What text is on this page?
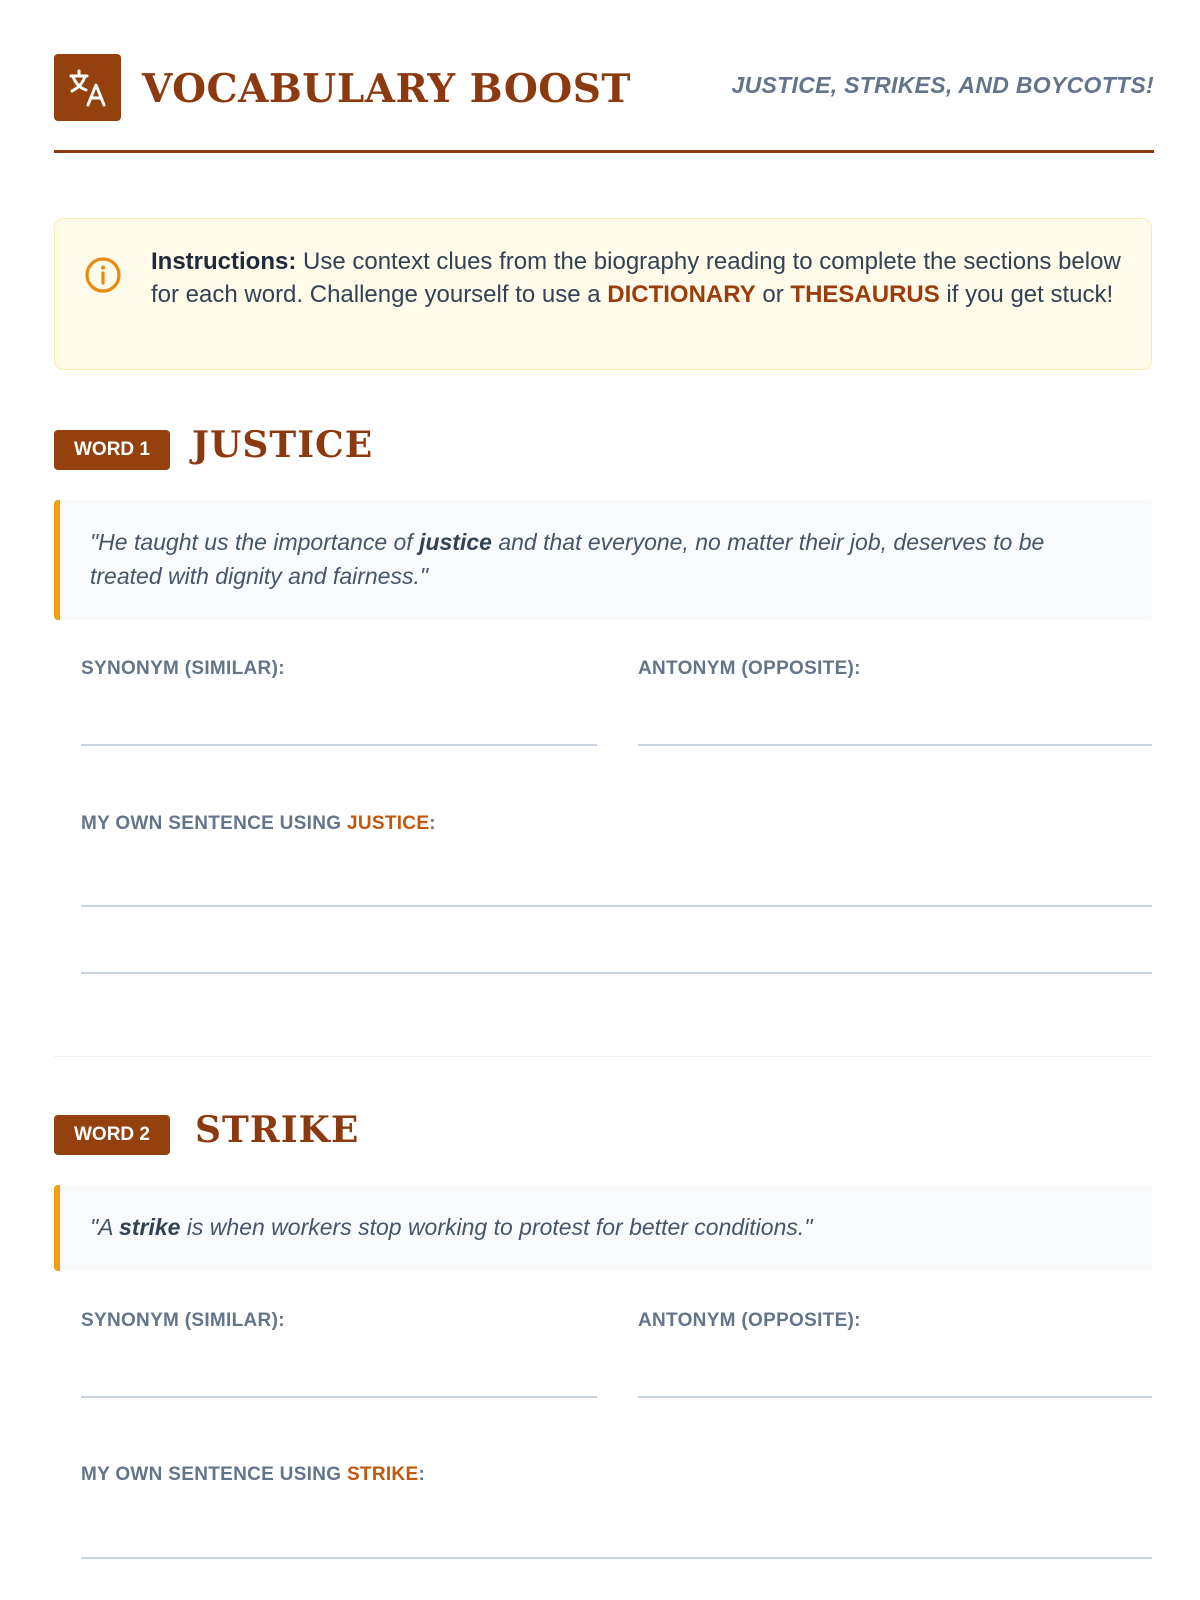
VOCABULARY BOOST	JUSTICE, STRIKES, AND BOYCOTTS!
Instructions: Use context clues from the biography reading to complete the sections below for each word. Challenge yourself to use a DICTIONARY or THESAURUS if you get stuck!
WORD 1	JUSTICE
"He taught us the importance of justice and that everyone, no matter their job, deserves to be treated with dignity and fairness."
SYNONYM (SIMILAR):	ANTONYM (OPPOSITE):
MY OWN SENTENCE USING JUSTICE:
WORD 2	STRIKE
"A strike is when workers stop working to protest for better conditions."
SYNONYM (SIMILAR):	ANTONYM (OPPOSITE):
MY OWN SENTENCE USING STRIKE:
